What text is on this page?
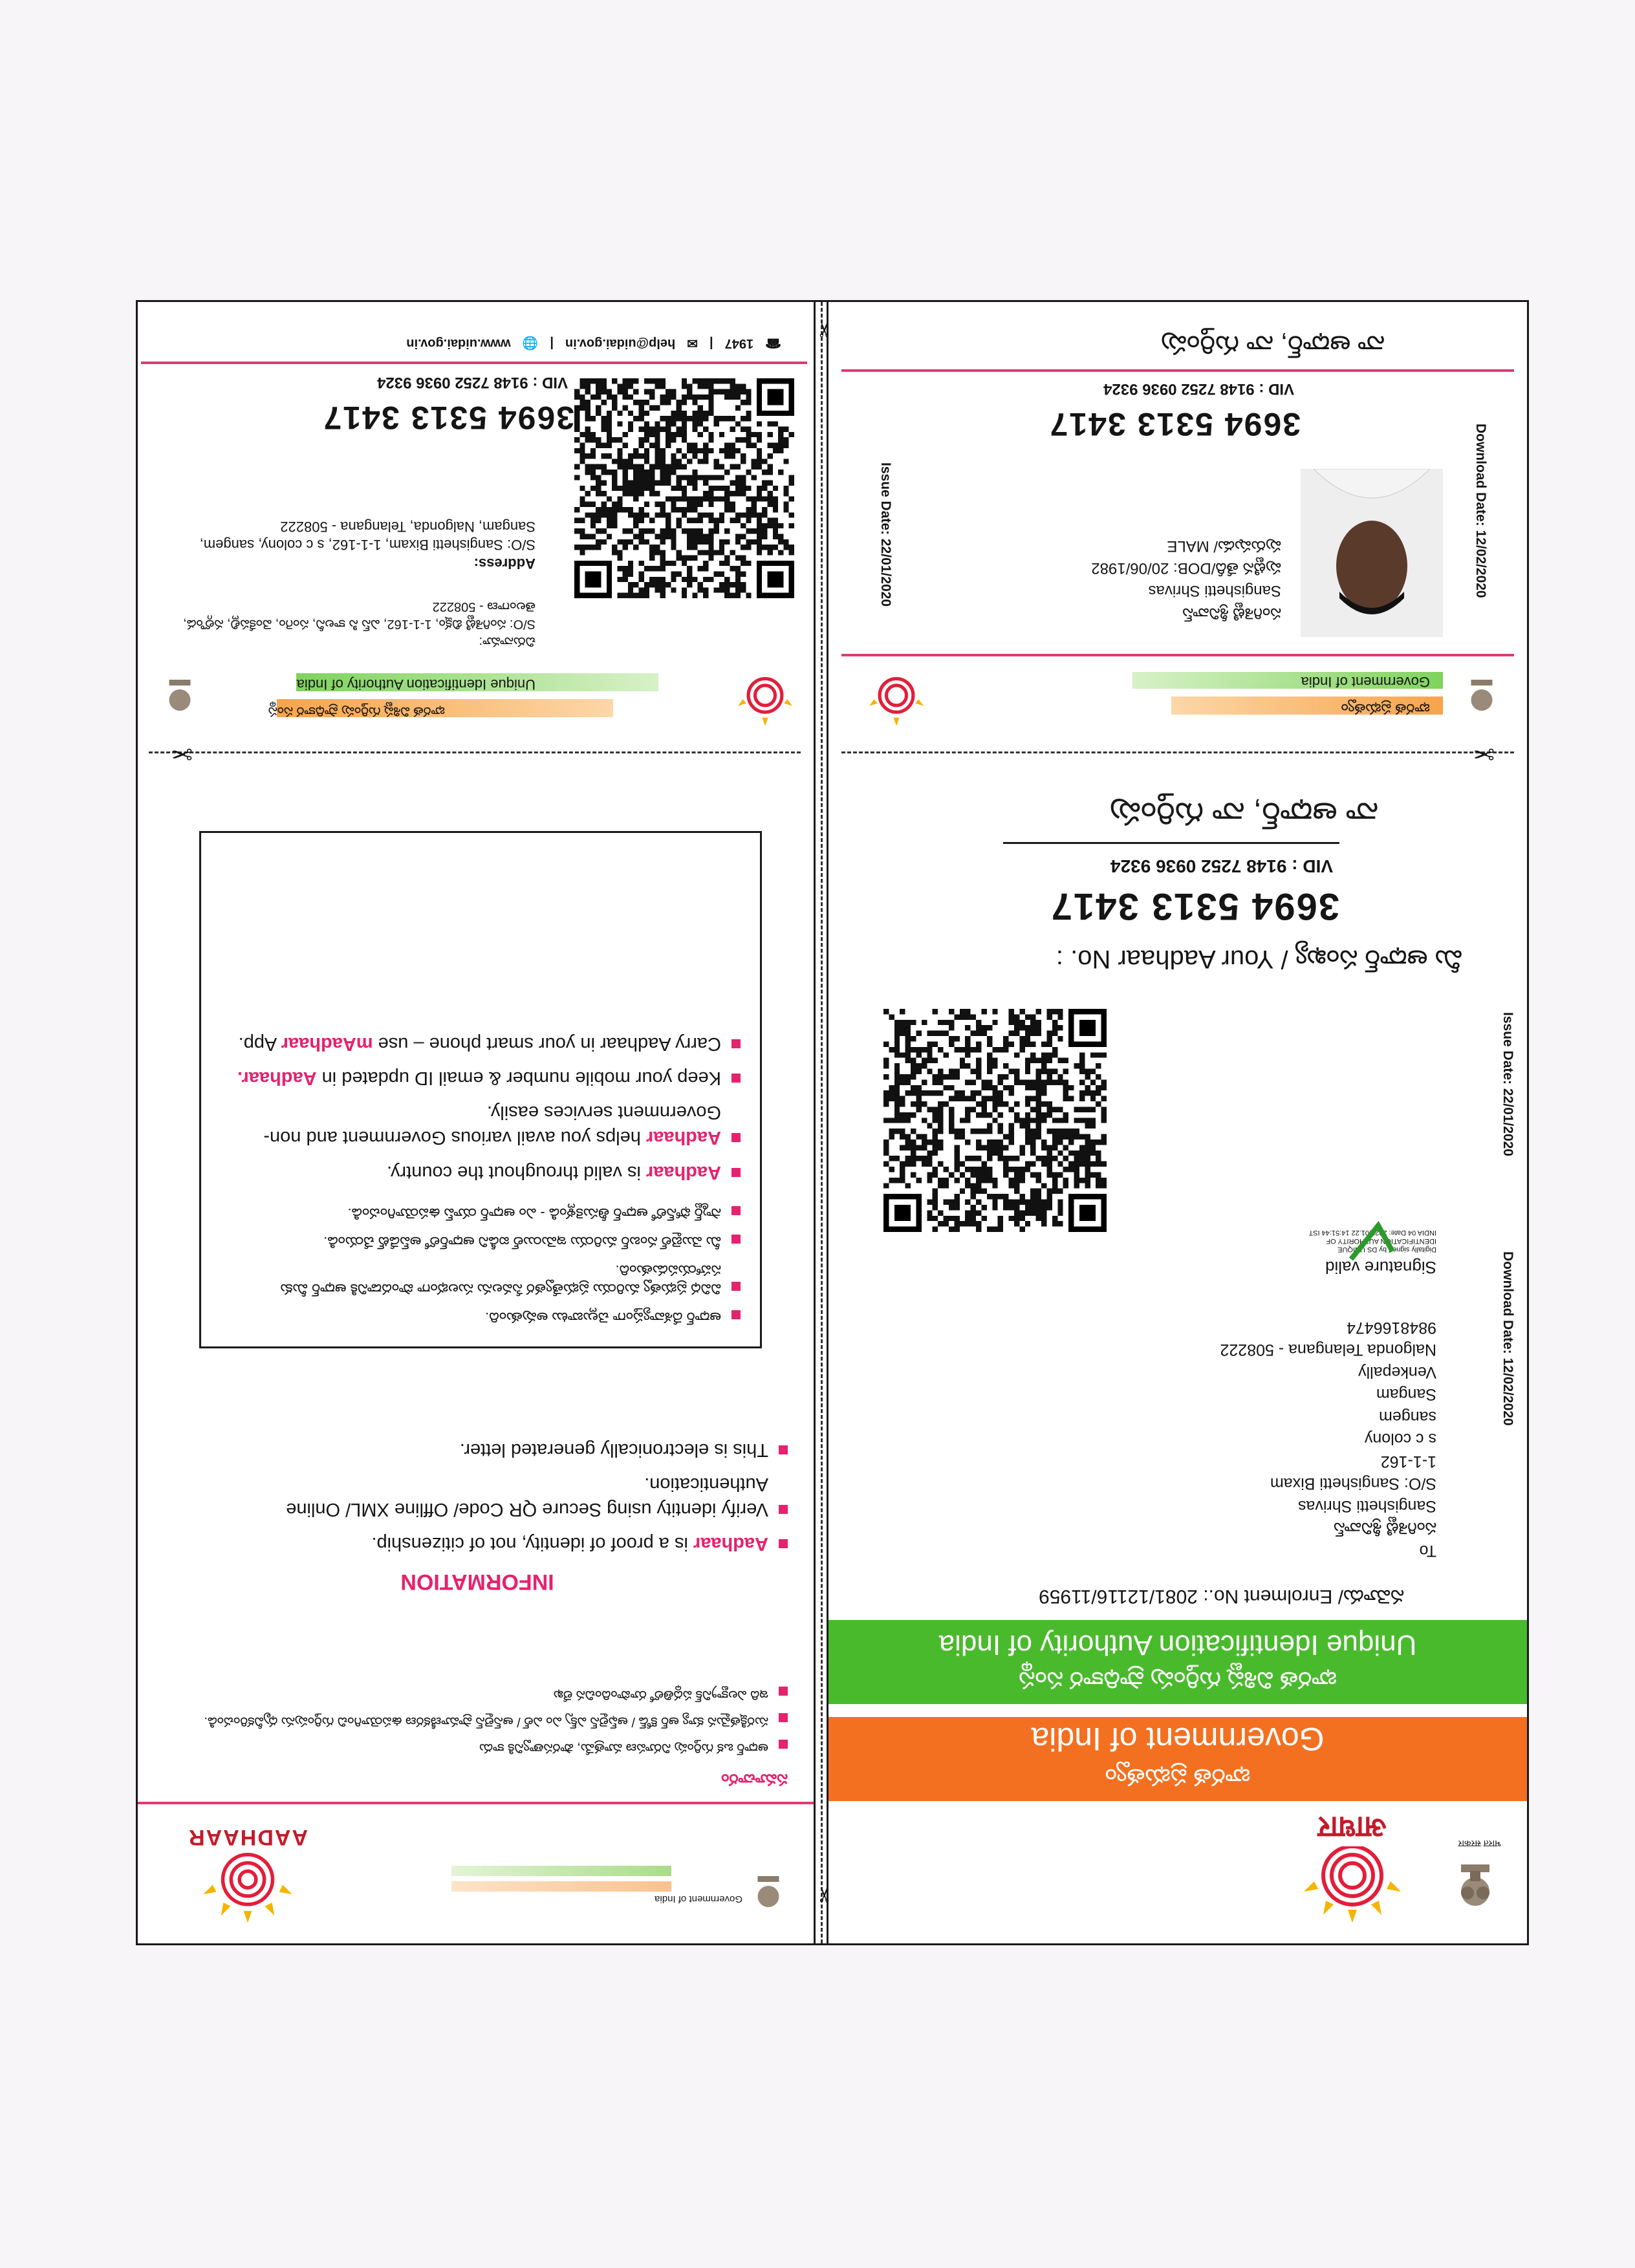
भारत सरकार
आधार
భారత ప్రభుత్వం
Government of India
భారత విశిష్ట గుర్తింపు ప్రాధికార సంస్థ
Unique Identification Authority of India
నమోదు/ Enrolment No.: 2081/12116/11959
To
సంగిశెట్టి శ్రీనివాస్
Sangishetti Shrivas
S/O: Sangishetti Bixam
1-1-162
s c colony
sangem
Sangam
Venkepally
Nalgonda Telangana - 508222
9848166474	Download Date: 12/02/2020
Issue Date: 22/01/2020
Signature valid
Digitally signed by DS UNIQUE IDENTIFICATION AUTHORITY OF INDIA 04 Date: 2020.01.22 14:51:44 IST
మీ ఆధార్ సంఖ్య / Your Aadhaar No. :
3694 5313 3417
VID : 9148 7252 0936 9324
నా ఆధార్, నా గుర్తింపు
✂
భారత ప్రభుత్వం
Government of India
Download Date: 12/02/2020
సంగిశెట్టి శ్రీనివాస్
Sangishetti Shrivas
పుట్టిన తేదీ/DOB: 20/06/1982
పురుషుడు/ MALE
Issue Date: 22/01/2020
3694 5313 3417
VID : 9148 7252 0936 9324
నా ఆధార్, నా గుర్తింపు
✂
✂
Government of India
AADHAAR
సమాచారం
ఆధార్ ఒక గుర్తింపు నిరూపణ మాత్రమే, పౌరసత్వానికి కాదు
సురక్షితమైన క్యూ ఆర్ కోడ్ / ఆఫ్‌లైన్ ఎక్స్ ఎం ఎల్ / ఆన్‌లైన్ ప్రామాణీకరణ ఉపయోగించి గుర్తింపును ధృవీకరించండి.
ఇది ఎలక్ట్రానిక్ పద్ధతిలో రూపొందించిన లేఖ
INFORMATION
Aadhaar is a proof of identity, not of citizenship.
Verify identity using Secure QR Code/ Offline XML/ Online Authentication.
This is electronically generated letter.
ఆధార్ దేశవ్యాప్తంగా చెల్లుబాటు అవుతుంది.
వివిధ ప్రభుత్వ మరియు ప్రభుత్వేతర సేవలను సులభంగా పొందడానికి ఆధార్ మీకు సహాయపడుతుంది.
మీ మొబైల్ నంబర్ మరియు ఇమెయిల్ ఐడీని ఆధార్‌లో అప్‌డేట్ చేయండి.
స్మార్ట్ ఫోన్‌లో ఆధార్ తీసుకెళ్లండి - ఎం ఆధార్ యాప్ ఉపయోగించండి.
Aadhaar is valid throughout the country.
Aadhaar helps you avail various Government and non-Government services easily.
Keep your mobile number & email ID updated in Aadhaar.
Carry Aadhaar in your smart phone – use mAadhaar App.
✂
భారత విశిష్ట గుర్తింపు ప్రాధికార సంస్థ
Unique Identification Authority of India
చిరునామా:
S/O: సంగిశెట్టి బిక్షం, 1-1-162, ఎస్ సి కాలనీ, సంగెం, వెంకేపల్లి, నల్గొండ, తెలంగాణ - 508222
Address:
S/O: Sangishetti Bixam, 1-1-162, s c colony, sangem, Sangam, Nalgonda, Telangana - 508222
3694 5313 3417
VID : 9148 7252 0936 9324
☎
1947
|
✉
help@uidai.gov.in
|
🌐
www.uidai.gov.in
